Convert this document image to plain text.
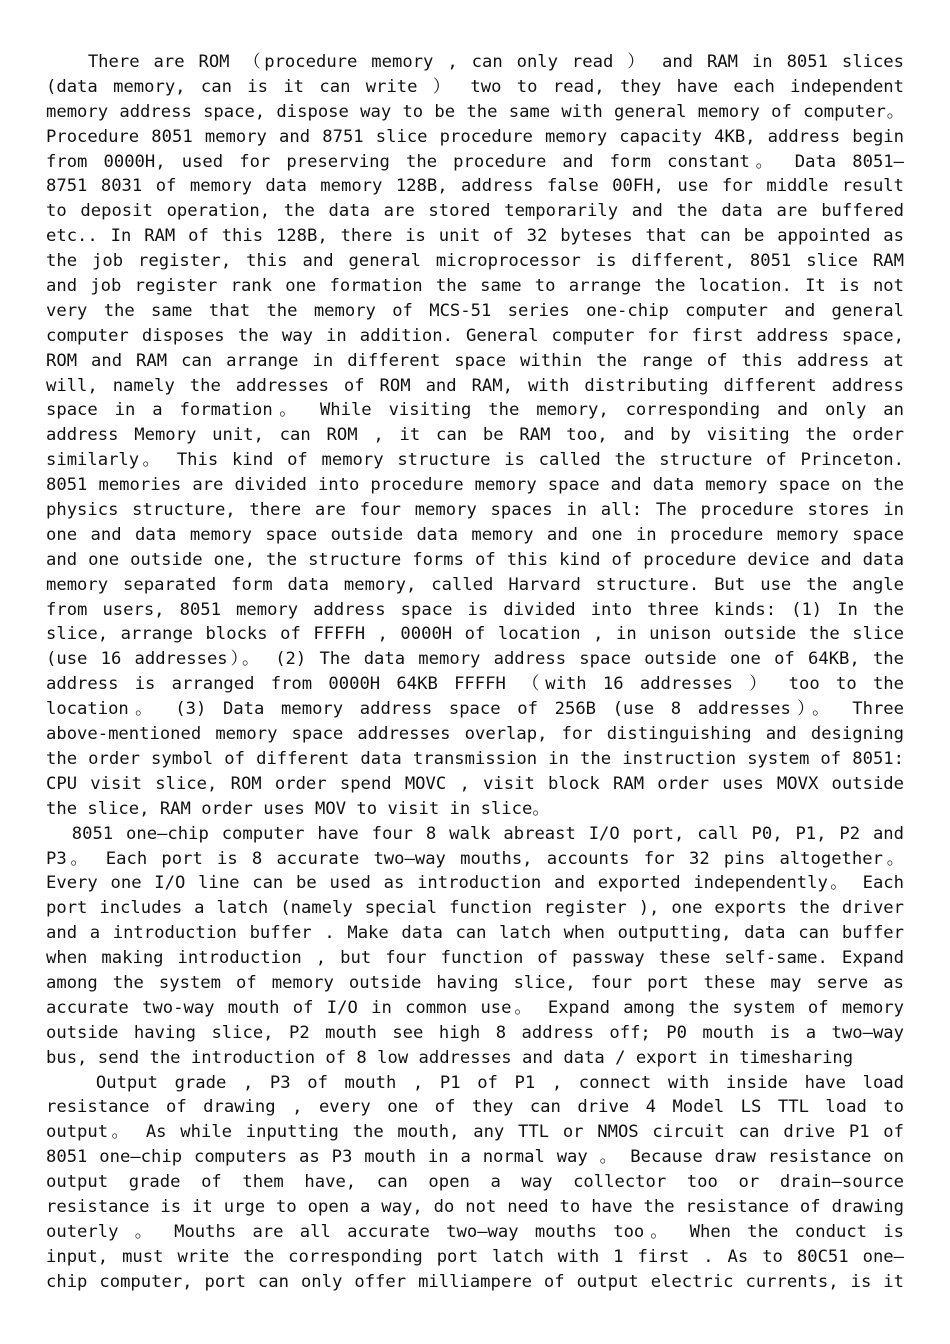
There are ROM （procedure memory , can only read ） and RAM in 8051 slices
(data memory, can is it can write ） two to read, they have each independent
memory address space, dispose way to be the same with general memory of computer。
Procedure 8051 memory and 8751 slice procedure memory capacity 4KB, address begin
from 0000H, used for preserving the procedure and form constant。 Data 8051—
8751 8031 of memory data memory 128B, address false 00FH, use for middle result
to deposit operation, the data are stored temporarily and the data are buffered
etc.. In RAM of this 128B, there is unit of 32 byteses that can be appointed as
the job register, this and general microprocessor is different, 8051 slice RAM
and job register rank one formation the same to arrange the location. It is not
very the same that the memory of MCS-51 series one-chip computer and general
computer disposes the way in addition. General computer for first address space,
ROM and RAM can arrange in different space within the range of this address at
will, namely the addresses of ROM and RAM, with distributing different address
space in a formation。 While visiting the memory, corresponding and only an
address Memory unit, can ROM , it can be RAM too, and by visiting the order
similarly。 This kind of memory structure is called the structure of Princeton.
8051 memories are divided into procedure memory space and data memory space on the
physics structure, there are four memory spaces in all: The procedure stores in
one and data memory space outside data memory and one in procedure memory space
and one outside one, the structure forms of this kind of procedure device and data
memory separated form data memory, called Harvard structure. But use the angle
from users, 8051 memory address space is divided into three kinds: (1) In the
slice, arrange blocks of FFFFH , 0000H of location , in unison outside the slice
(use 16 addresses）。 (2) The data memory address space outside one of 64KB, the
address is arranged from 0000H 64KB FFFFH （with 16 addresses ） too to the
location。 (3) Data memory address space of 256B (use 8 addresses）。 Three
above-mentioned memory space addresses overlap, for distinguishing and designing
the order symbol of different data transmission in the instruction system of 8051:
CPU visit slice, ROM order spend MOVC , visit block RAM order uses MOVX outside
the slice, RAM order uses MOV to visit in slice。
8051 one—chip computer have four 8 walk abreast I/O port, call P0, P1, P2 and
P3。 Each port is 8 accurate two—way mouths, accounts for 32 pins altogether。
Every one I/O line can be used as introduction and exported independently。 Each
port includes a latch (namely special function register ), one exports the driver
and a introduction buffer . Make data can latch when outputting, data can buffer
when making introduction , but four function of passway these self-same. Expand
among the system of memory outside having slice, four port these may serve as
accurate two-way mouth of I/O in common use。 Expand among the system of memory
outside having slice, P2 mouth see high 8 address off; P0 mouth is a two—way
bus, send the introduction of 8 low addresses and data / export in timesharing
Output grade , P3 of mouth , P1 of P1 , connect with inside have load
resistance of drawing , every one of they can drive 4 Model LS TTL load to
output。 As while inputting the mouth, any TTL or NMOS circuit can drive P1 of
8051 one—chip computers as P3 mouth in a normal way 。 Because draw resistance on
output grade of them have, can open a way collector too or drain—source
resistance is it urge to open a way, do not need to have the resistance of drawing
outerly 。 Mouths are all accurate two—way mouths too。 When the conduct is
input, must write the corresponding port latch with 1 first . As to 80C51 one—
chip computer, port can only offer milliampere of output electric currents, is it
